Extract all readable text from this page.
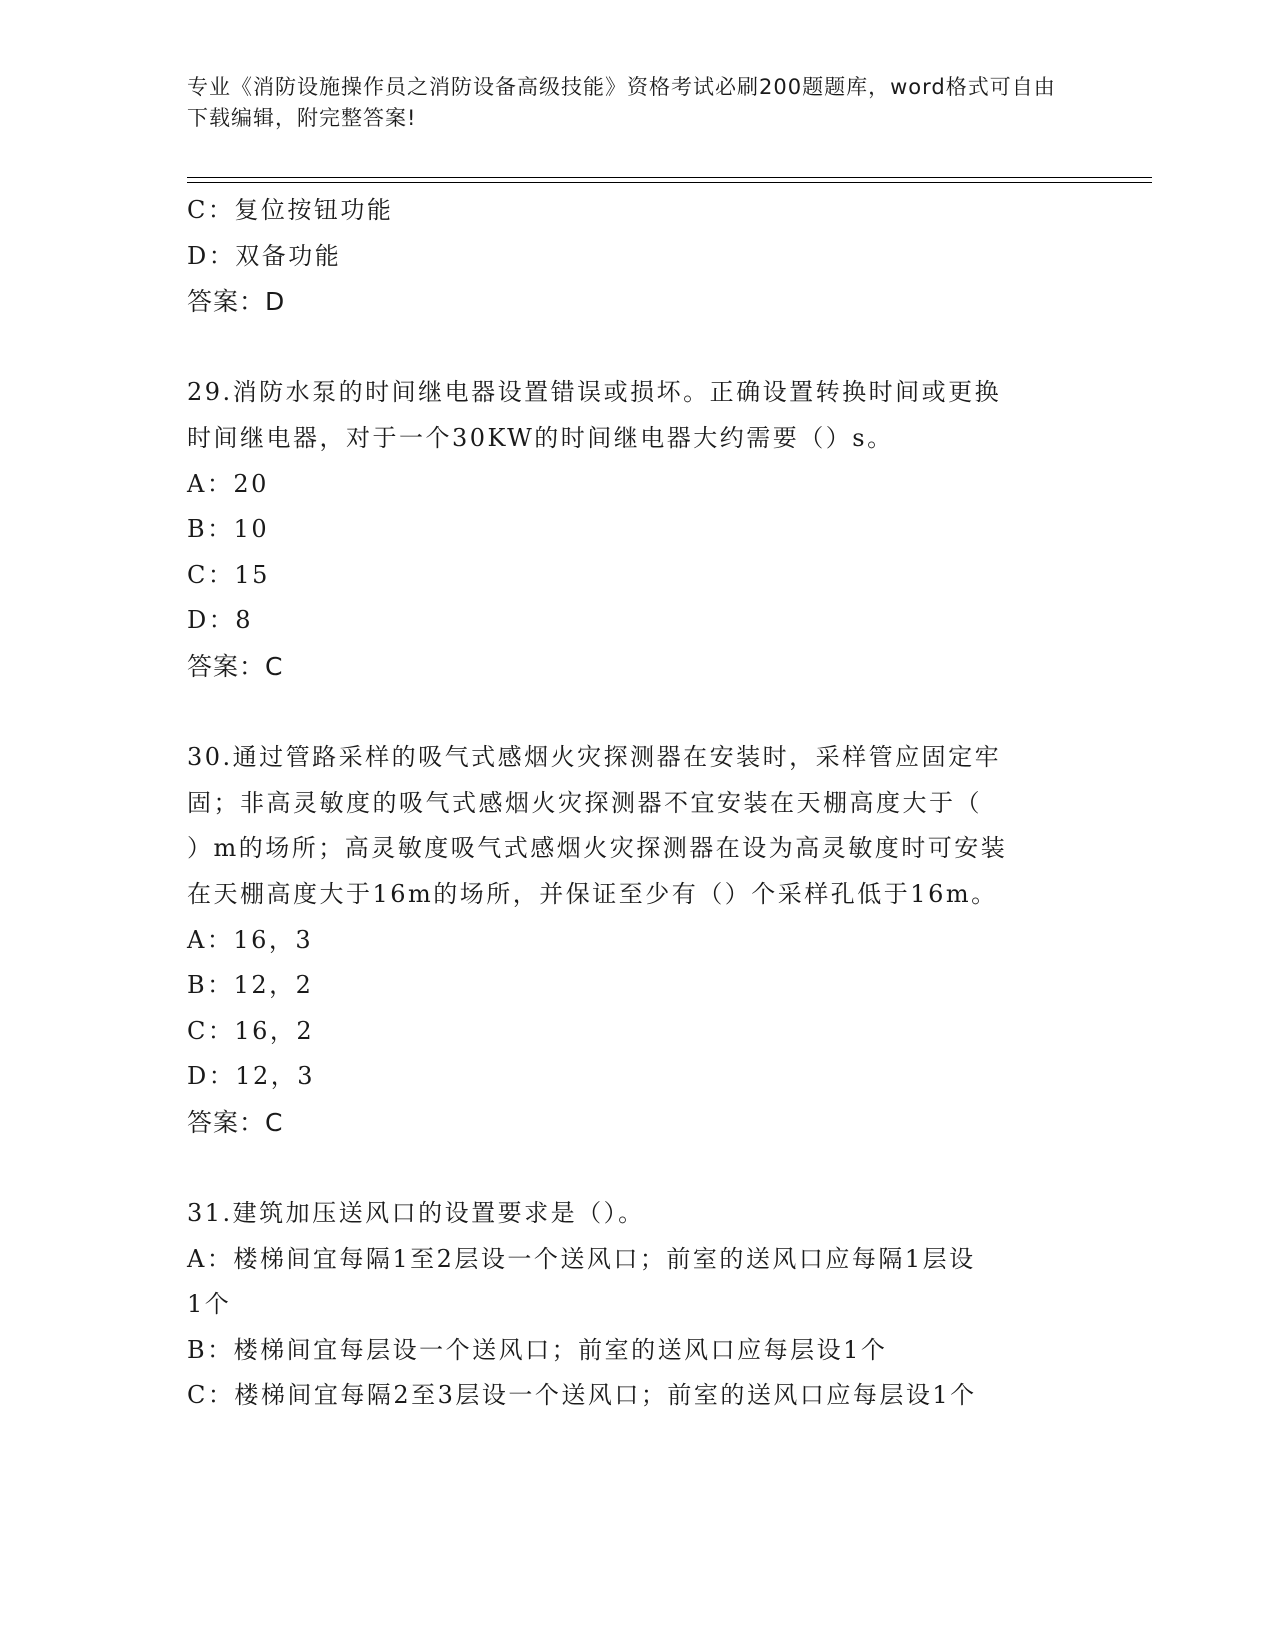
专业《消防设施操作员之消防设备高级技能》资格考试必刷200题题库，word格式可自由下载编辑，附完整答案!
C：复位按钮功能
D：双备功能
答案：D
29.消防水泵的时间继电器设置错误或损坏。正确设置转换时间或更换
时间继电器，对于一个30KW的时间继电器大约需要（）s。
A：20
B：10
C：15
D：8
答案：C
30.通过管路采样的吸气式感烟火灾探测器在安装时，采样管应固定牢
固；非高灵敏度的吸气式感烟火灾探测器不宜安装在天棚高度大于（
）m的场所；高灵敏度吸气式感烟火灾探测器在设为高灵敏度时可安装
在天棚高度大于16m的场所，并保证至少有（）个采样孔低于16m。
A：16，3
B：12，2
C：16，2
D：12，3
答案：C
31.建筑加压送风口的设置要求是（）。
A：楼梯间宜每隔1至2层设一个送风口；前室的送风口应每隔1层设
1个
B：楼梯间宜每层设一个送风口；前室的送风口应每层设1个
C：楼梯间宜每隔2至3层设一个送风口；前室的送风口应每层设1个
